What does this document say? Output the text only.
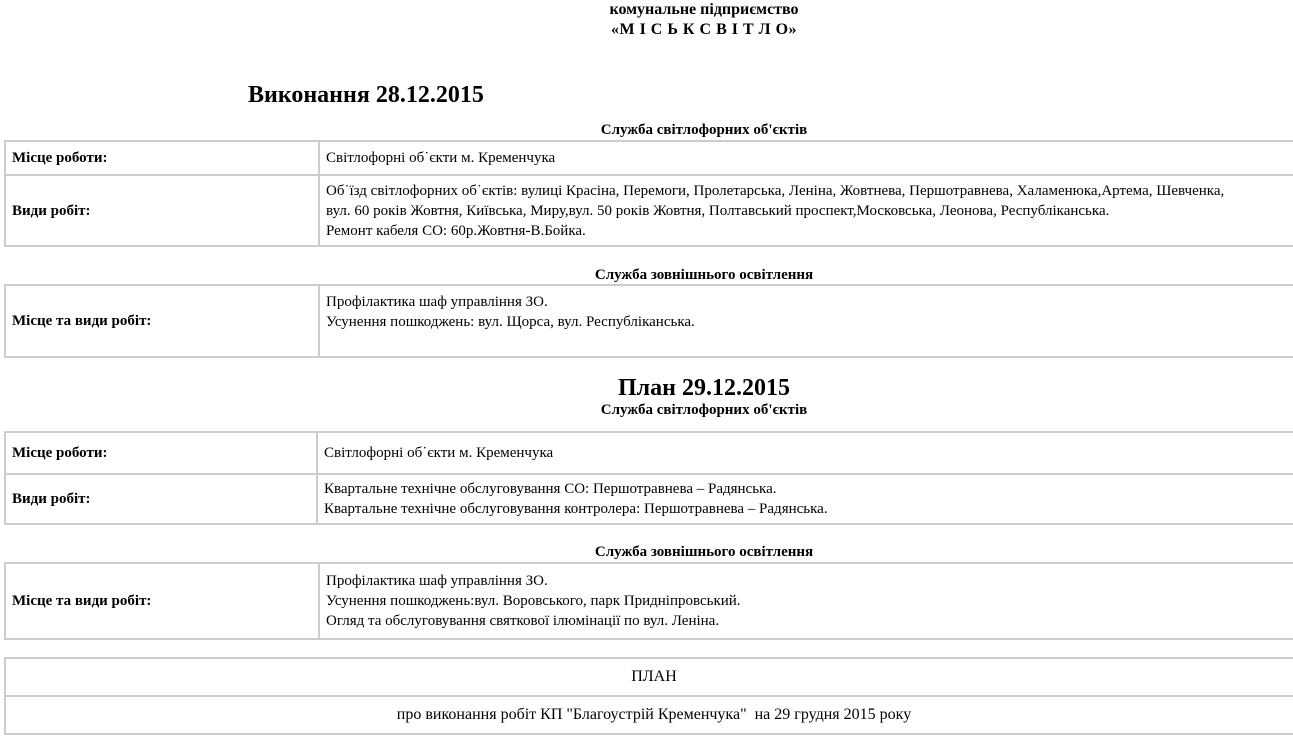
комунальне підприємство
«М І С Ь К С В І Т Л О»
Виконання 28.12.2015
Служба світлофорних об'єктів
Місце роботи:	Світлофорні об˙єкти м. Кременчука

Види робіт:	Об˙їзд світлофорних об˙єктів: вулиці Красіна, Перемоги, Пролетарська, Леніна, Жовтнева, Першотравнева, Халаменюка,Артема, Шевченка,
вул. 60 років Жовтня, Київська, Миру,вул. 50 років Жовтня, Полтавський проспект,Московська, Леонова, Республіканська.
Ремонт кабеля СО: 60р.Жовтня-В.Бойка.
Служба зовнішнього освітлення
Місце та види робіт:	
Профілактика шаф управління ЗО.
Усунення пошкоджень: вул. Щорса, вул. Республіканська.
План 29.12.2015
Служба світлофорних об'єктів
Місце роботи:	Світлофорні об˙єкти м. Кременчука

Види робіт:	Квартальне технічне обслуговування СО: Першотравнева – Радянська.
Квартальне технічне обслуговування контролера: Першотравнева – Радянська.
Служба зовнішнього освітлення
Місце та види робіт:	
Профілактика шаф управління ЗО.
Усунення пошкоджень:вул. Воровського, парк Придніпровський.
Огляд та обслуговування святкової ілюмінації по вул. Леніна.
ПЛАН
про виконання робіт КП "Благоустрій Кременчука"  на 29 грудня 2015 року
